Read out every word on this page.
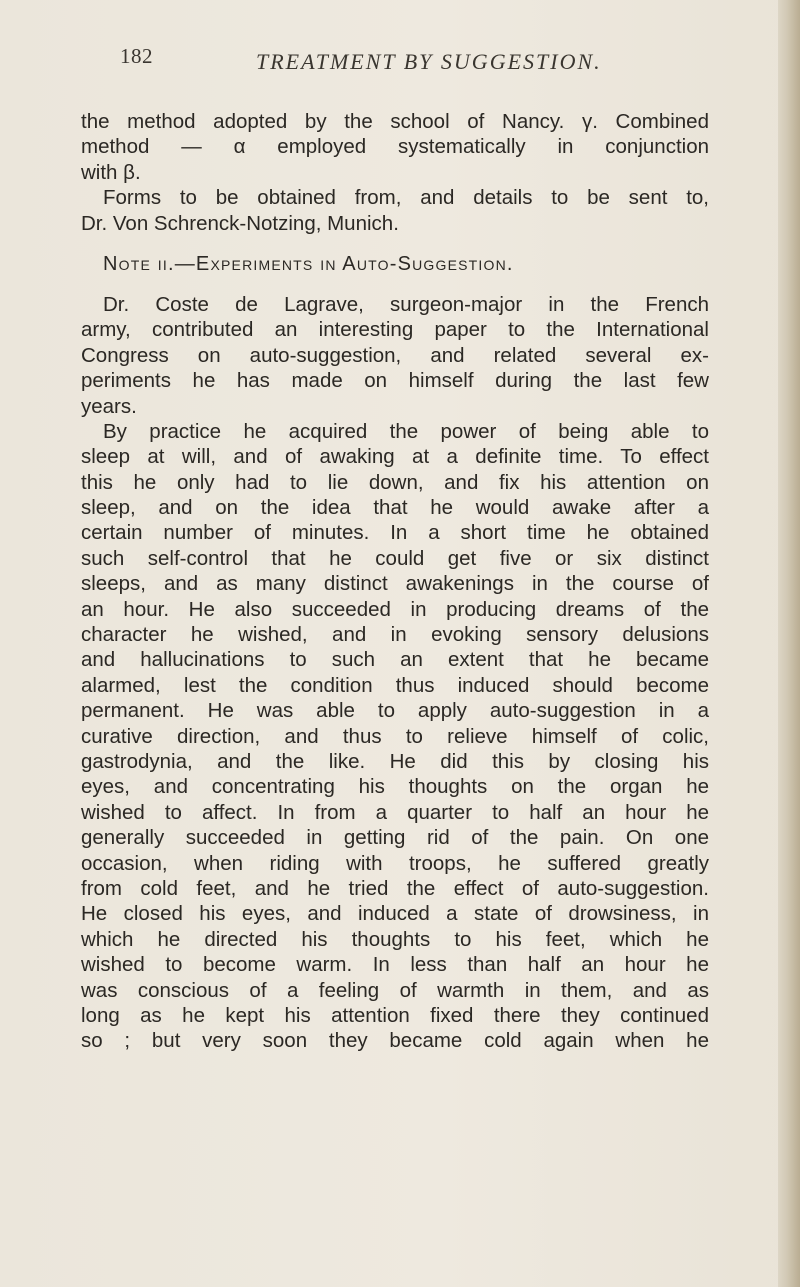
182	TREATMENT BY SUGGESTION.
the method adopted by the school of Nancy. γ. Combined
method — α employed systematically in conjunction
with β.
Forms to be obtained from, and details to be sent to,
Dr. Von Schrenck-Notzing, Munich.
Note ii.—Experiments in Auto-Suggestion.
Dr. Coste de Lagrave, surgeon-major in the French
army, contributed an interesting paper to the International
Congress on auto-suggestion, and related several ex-
periments he has made on himself during the last few
years.
By practice he acquired the power of being able to
sleep at will, and of awaking at a definite time. To effect
this he only had to lie down, and fix his attention on
sleep, and on the idea that he would awake after a
certain number of minutes. In a short time he obtained
such self-control that he could get five or six distinct
sleeps, and as many distinct awakenings in the course of
an hour. He also succeeded in producing dreams of the
character he wished, and in evoking sensory delusions
and hallucinations to such an extent that he became
alarmed, lest the condition thus induced should become
permanent. He was able to apply auto-suggestion in a
curative direction, and thus to relieve himself of colic,
gastrodynia, and the like. He did this by closing his
eyes, and concentrating his thoughts on the organ he
wished to affect. In from a quarter to half an hour he
generally succeeded in getting rid of the pain. On one
occasion, when riding with troops, he suffered greatly
from cold feet, and he tried the effect of auto-suggestion.
He closed his eyes, and induced a state of drowsiness, in
which he directed his thoughts to his feet, which he
wished to become warm. In less than half an hour he
was conscious of a feeling of warmth in them, and as
long as he kept his attention fixed there they continued
so ; but very soon they became cold again when he
